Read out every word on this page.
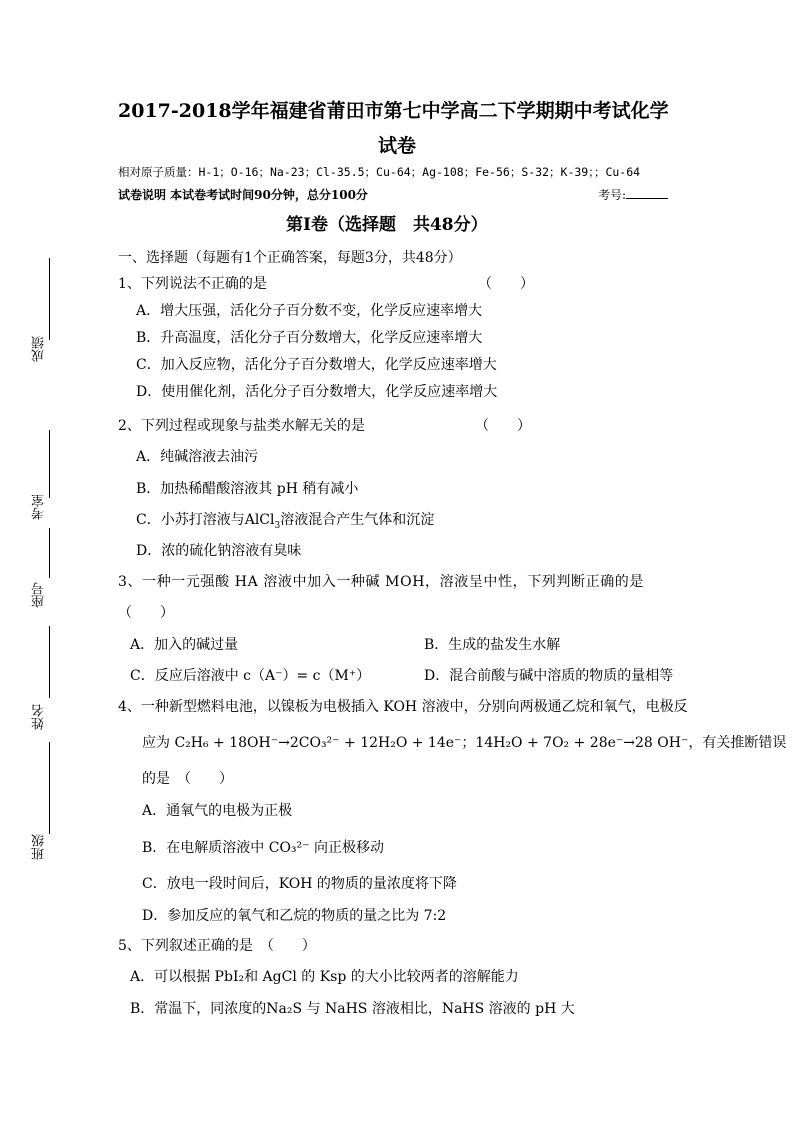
2017-2018学年福建省莆田市第七中学高二下学期期中考试化学
试卷
相对原子质量：H-1；O-16；Na-23；Cl-35.5；Cu-64；Ag-108；Fe-56；S-32；K-39；；Cu-64
试卷说明 本试卷考试时间90分钟，总分100分	考号:
第Ⅰ卷（选择题　共48分）
一、选择题（每题有1个正确答案，每题3分，共48分）
成绩
考室
座号
姓名
班级
1、下列说法不正确的是	（　　）
A．增大压强，活化分子百分数不变，化学反应速率增大
B．升高温度，活化分子百分数增大，化学反应速率增大
C．加入反应物，活化分子百分数增大，化学反应速率增大
D．使用催化剂，活化分子百分数增大，化学反应速率增大
2、下列过程或现象与盐类水解无关的是	（　　）
A．纯碱溶液去油污
B．加热稀醋酸溶液其 pH 稍有减小
C．小苏打溶液与AlCl$_3$溶液混合产生气体和沉淀
D．浓的硫化钠溶液有臭味
3、一种一元强酸 HA 溶液中加入一种碱 MOH，溶液呈中性，下列判断正确的是
（　　）
A．加入的碱过量	B．生成的盐发生水解
C．反应后溶液中 c（A⁻）= c（M⁺）	D．混合前酸与碱中溶质的物质的量相等
4、一种新型燃料电池，以镍板为电极插入 KOH 溶液中，分别向两极通乙烷和氧气，电极反
应为 C₂H₆ + 18OH⁻→2CO₃²⁻ + 12H₂O + 14e⁻；14H₂O + 7O₂ + 28e⁻→28 OH⁻，有关推断错误
的是　（　　）
A．通氧气的电极为正极
B．在电解质溶液中 CO₃²⁻ 向正极移动
C．放电一段时间后，KOH 的物质的量浓度将下降
D．参加反应的氧气和乙烷的物质的量之比为 7:2
5、下列叙述正确的是　（　　）
A．可以根据 PbI₂和 AgCl 的 Ksp 的大小比较两者的溶解能力
B．常温下，同浓度的Na₂S 与 NaHS 溶液相比，NaHS 溶液的 pH 大
